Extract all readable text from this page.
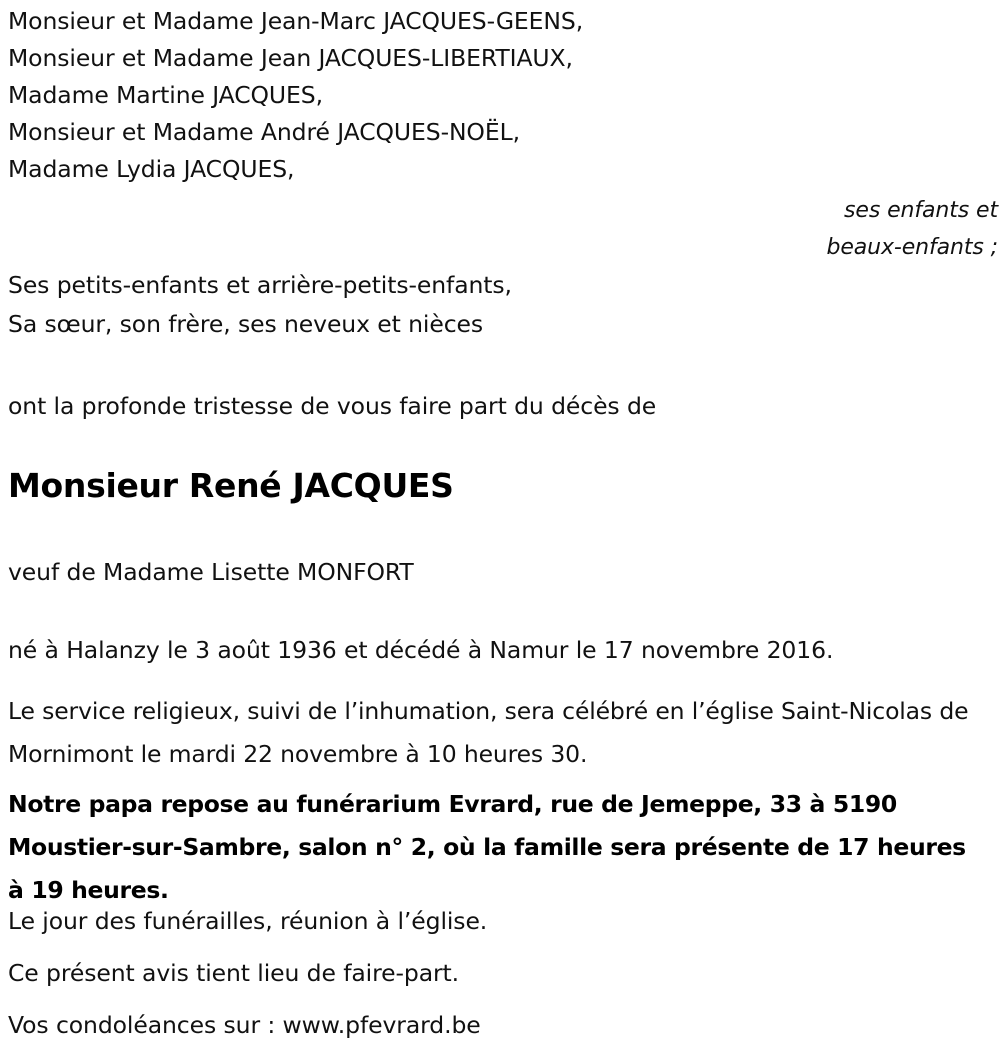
Monsieur et Madame Jean-Marc JACQUES-GEENS,
Monsieur et Madame Jean JACQUES-LIBERTIAUX,
Madame Martine JACQUES,
Monsieur et Madame André JACQUES-NOËL,
Madame Lydia JACQUES,
ses enfants et
beaux-enfants ;
Ses petits-enfants et arrière-petits-enfants,
Sa sœur, son frère, ses neveux et nièces
ont la profonde tristesse de vous faire part du décès de
Monsieur René JACQUES
veuf de Madame Lisette MONFORT
né à Halanzy le 3 août 1936 et décédé à Namur le 17 novembre 2016.
Le service religieux, suivi de l’inhumation, sera célébré en l’église Saint-Nicolas de Mornimont le mardi 22 novembre à 10 heures 30.
Notre papa repose au funérarium Evrard, rue de Jemeppe, 33 à 5190 Moustier-sur-Sambre, salon n° 2, où la famille sera présente de 17 heures à 19 heures.
Le jour des funérailles, réunion à l’église.
Ce présent avis tient lieu de faire-part.
Vos condoléances sur : www.pfevrard.be
